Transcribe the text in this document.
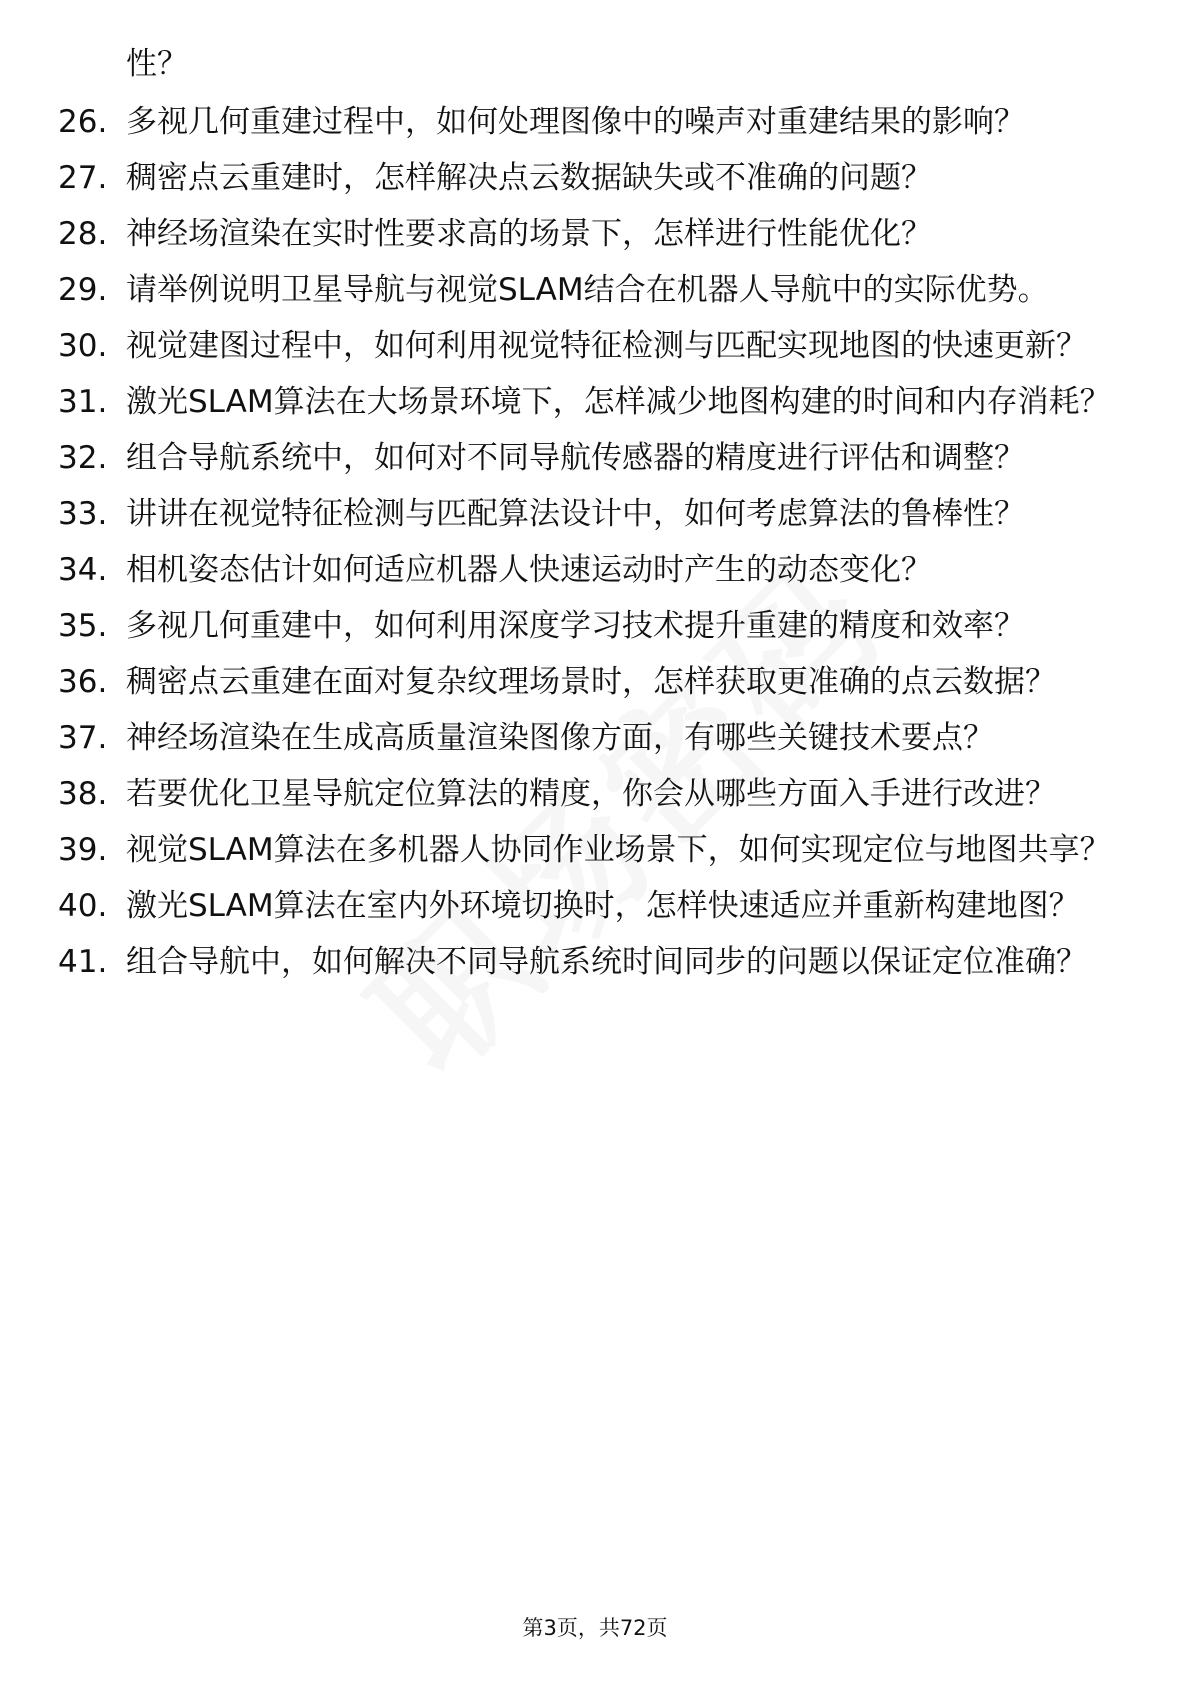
性？
26. 多视几何重建过程中，如何处理图像中的噪声对重建结果的影响？
27. 稠密点云重建时，怎样解决点云数据缺失或不准确的问题？
28. 神经场渲染在实时性要求高的场景下，怎样进行性能优化？
29. 请举例说明卫星导航与视觉SLAM结合在机器人导航中的实际优势。
30. 视觉建图过程中，如何利用视觉特征检测与匹配实现地图的快速更新？
31. 激光SLAM算法在大场景环境下，怎样减少地图构建的时间和内存消耗？
32. 组合导航系统中，如何对不同导航传感器的精度进行评估和调整？
33. 讲讲在视觉特征检测与匹配算法设计中，如何考虑算法的鲁棒性？
34. 相机姿态估计如何适应机器人快速运动时产生的动态变化？
35. 多视几何重建中，如何利用深度学习技术提升重建的精度和效率？
36. 稠密点云重建在面对复杂纹理场景时，怎样获取更准确的点云数据？
37. 神经场渲染在生成高质量渲染图像方面，有哪些关键技术要点？
38. 若要优化卫星导航定位算法的精度，你会从哪些方面入手进行改进？
39. 视觉SLAM算法在多机器人协同作业场景下，如何实现定位与地图共享？
40. 激光SLAM算法在室内外环境切换时，怎样快速适应并重新构建地图？
41. 组合导航中，如何解决不同导航系统时间同步的问题以保证定位准确？
第3页，共72页
